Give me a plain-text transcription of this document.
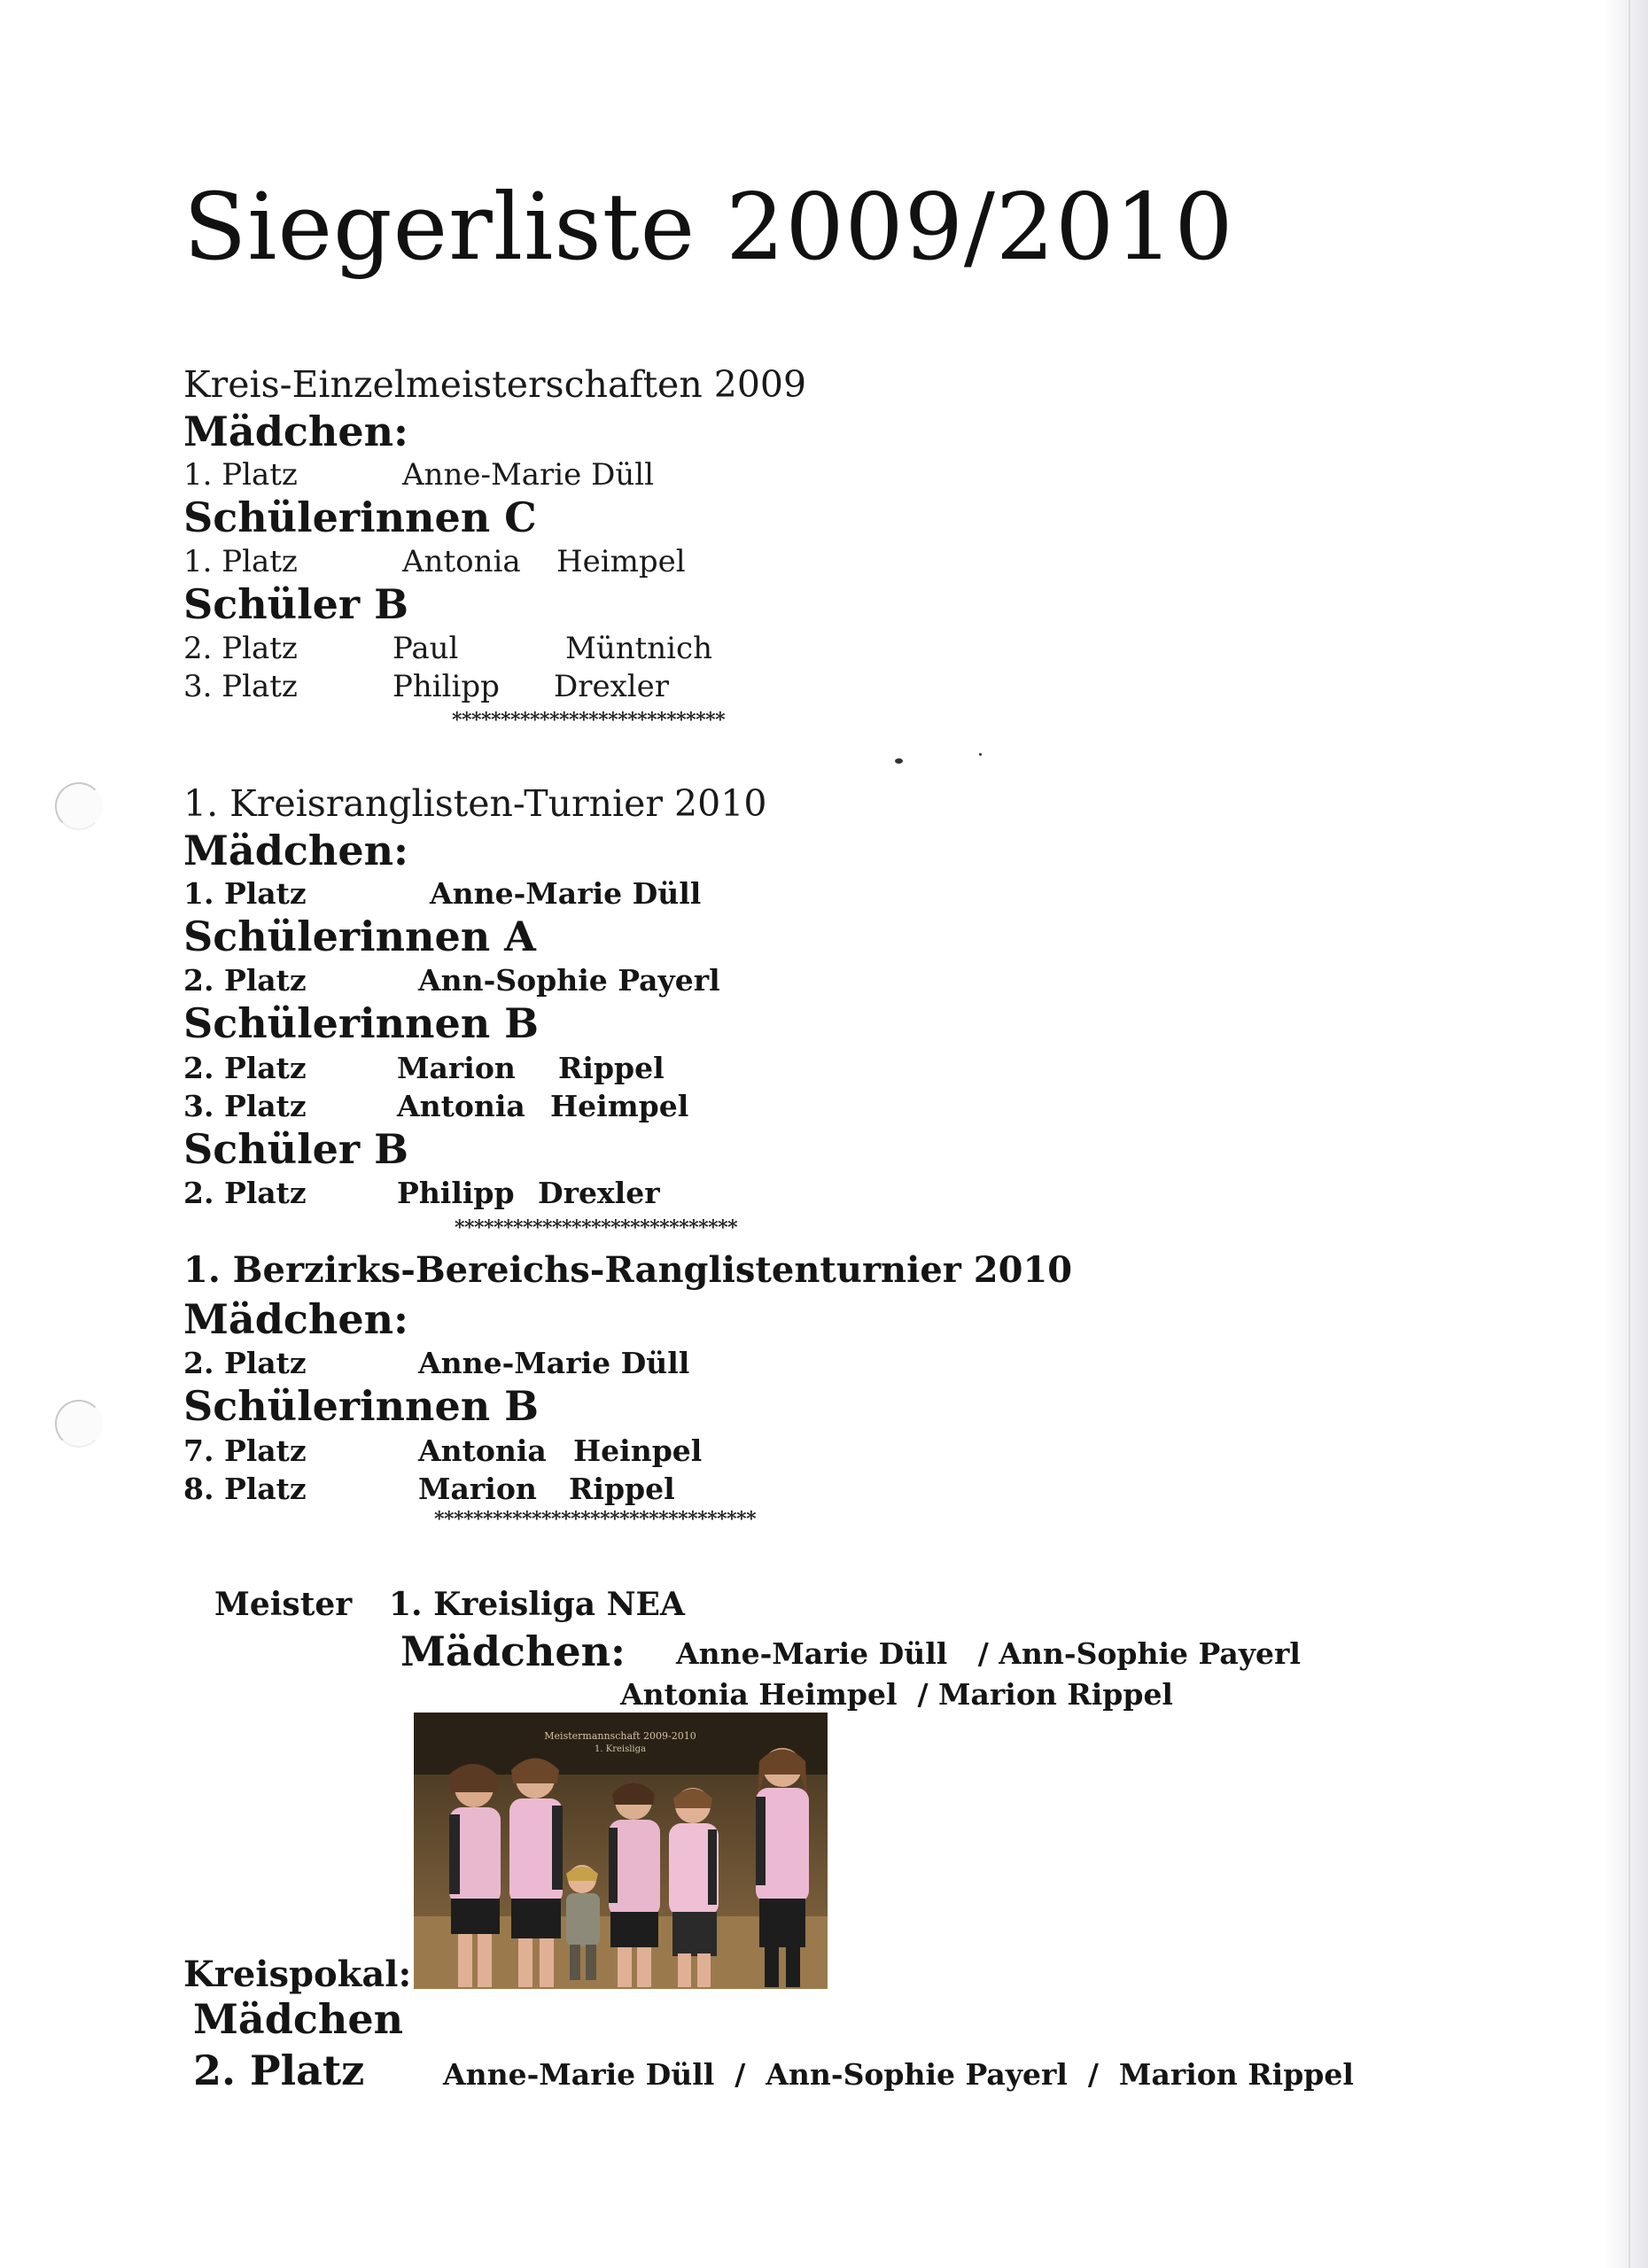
Siegerliste 2009/2010
Kreis-Einzelmeisterschaften 2009
Mädchen:
1. Platz	Anne-Marie Düll
Schülerinnen C
1. Platz	Antonia Heimpel
Schüler B
2. Platz	Paul	Müntnich
3. Platz	Philipp Drexler
****************************
1. Kreisranglisten-Turnier 2010
Mädchen:
1. Platz	Anne-Marie Düll
Schülerinnen A
2. Platz	Ann-Sophie Payerl
Schülerinnen B
2. Platz	Marion Rippel
3. Platz	Antonia Heimpel
Schüler B
2. Platz	Philipp Drexler
*****************************
1. Berzirks-Bereichs-Ranglistenturnier 2010
Mädchen:
2. Platz	Anne-Marie Düll
Schülerinnen B
7. Platz	Antonia Heinpel
8. Platz	Marion Rippel
*********************************
Meister 1. Kreisliga NEA
Mädchen: Anne-Marie Düll   / Ann-Sophie Payerl
Antonia Heimpel  / Marion Rippel
Meistermannschaft 2009-2010
1. Kreisliga
Kreispokal:
Mädchen
2. Platz	Anne-Marie Düll  /  Ann-Sophie Payerl  /  Marion Rippel
